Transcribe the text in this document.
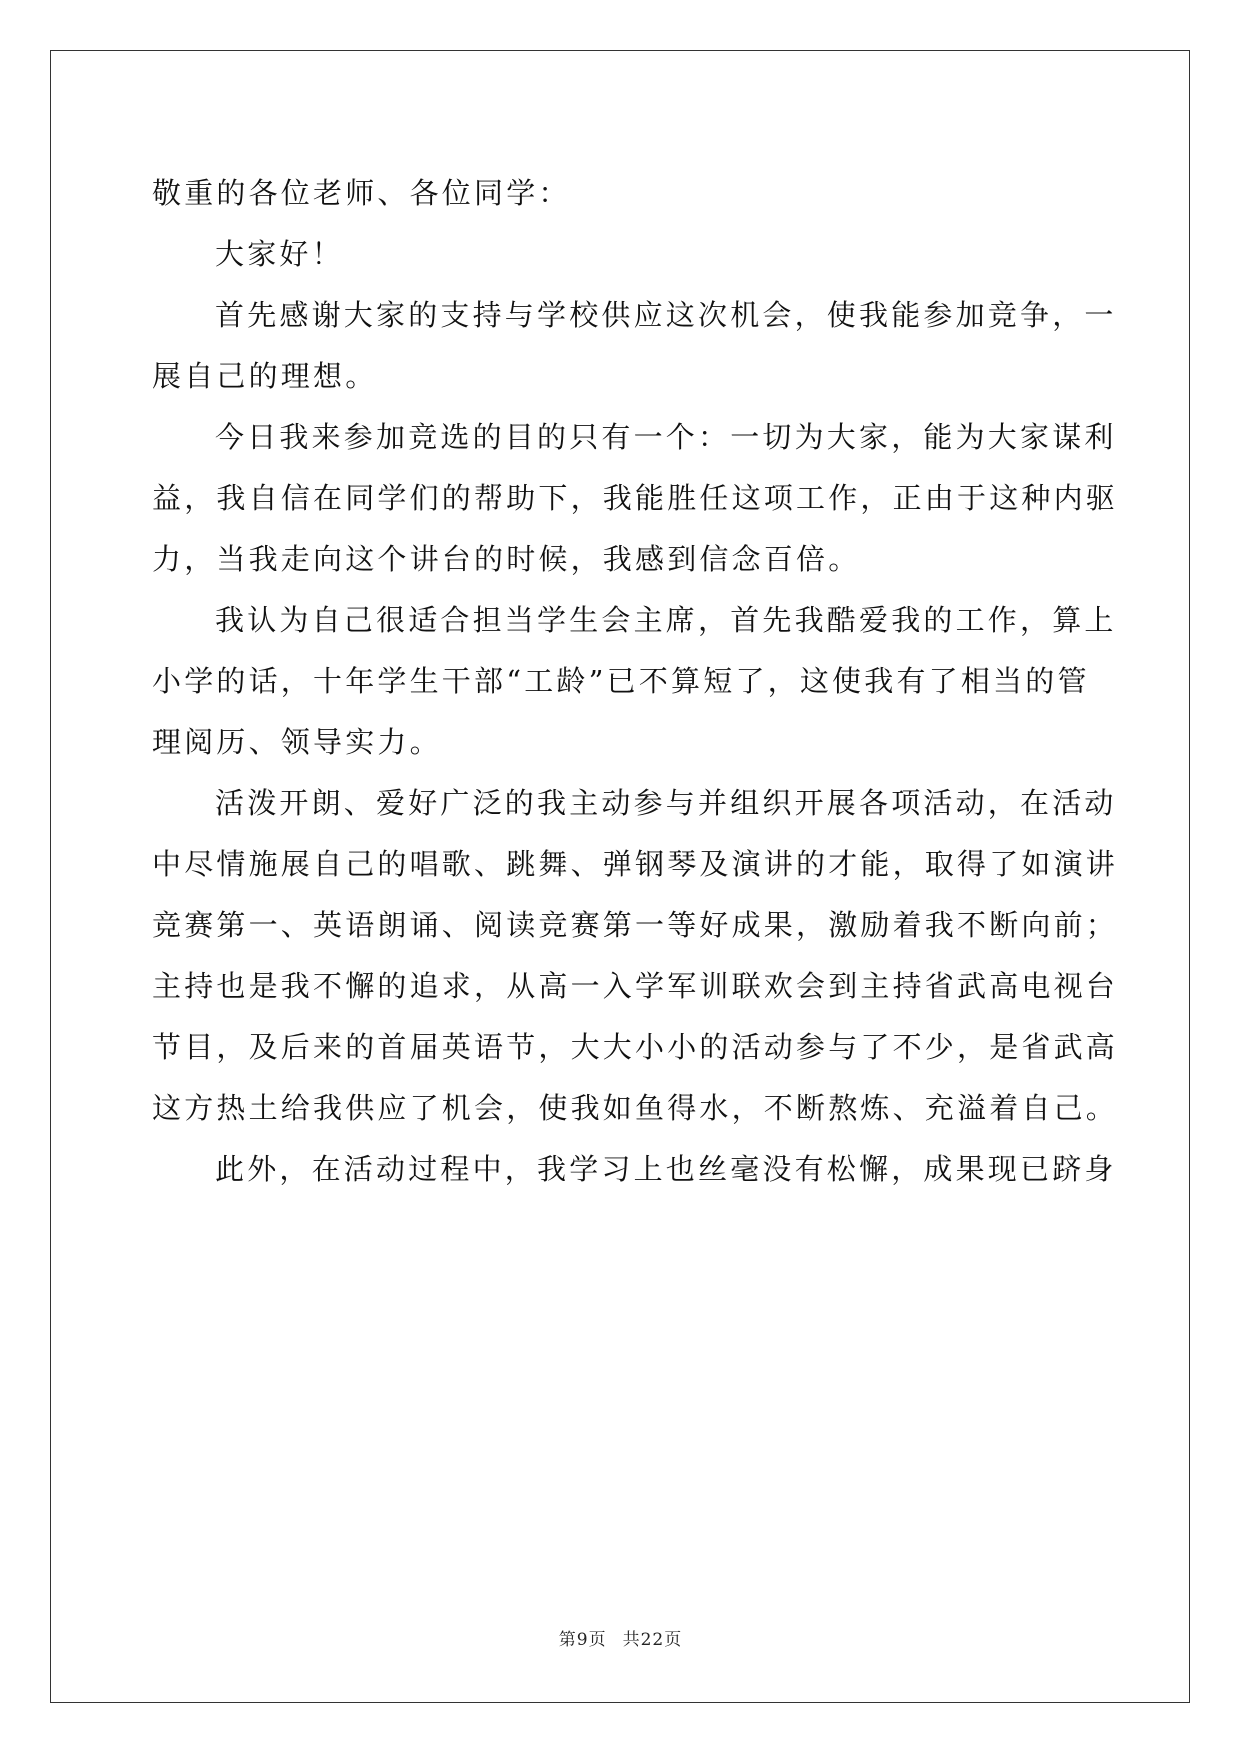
敬重的各位老师、各位同学：
大家好！
首先感谢大家的支持与学校供应这次机会，使我能参加竞争，一
展自己的理想。
今日我来参加竞选的目的只有一个：一切为大家，能为大家谋利
益，我自信在同学们的帮助下，我能胜任这项工作，正由于这种内驱
力，当我走向这个讲台的时候，我感到信念百倍。
我认为自己很适合担当学生会主席，首先我酷爱我的工作，算上
小学的话，十年学生干部“工龄”已不算短了，这使我有了相当的管
理阅历、领导实力。
活泼开朗、爱好广泛的我主动参与并组织开展各项活动，在活动
中尽情施展自己的唱歌、跳舞、弹钢琴及演讲的才能，取得了如演讲
竞赛第一、英语朗诵、阅读竞赛第一等好成果，激励着我不断向前；
主持也是我不懈的追求，从高一入学军训联欢会到主持省武高电视台
节目，及后来的首届英语节，大大小小的活动参与了不少，是省武高
这方热土给我供应了机会，使我如鱼得水，不断熬炼、充溢着自己。
此外，在活动过程中，我学习上也丝毫没有松懈，成果现已跻身
第9页 共22页
